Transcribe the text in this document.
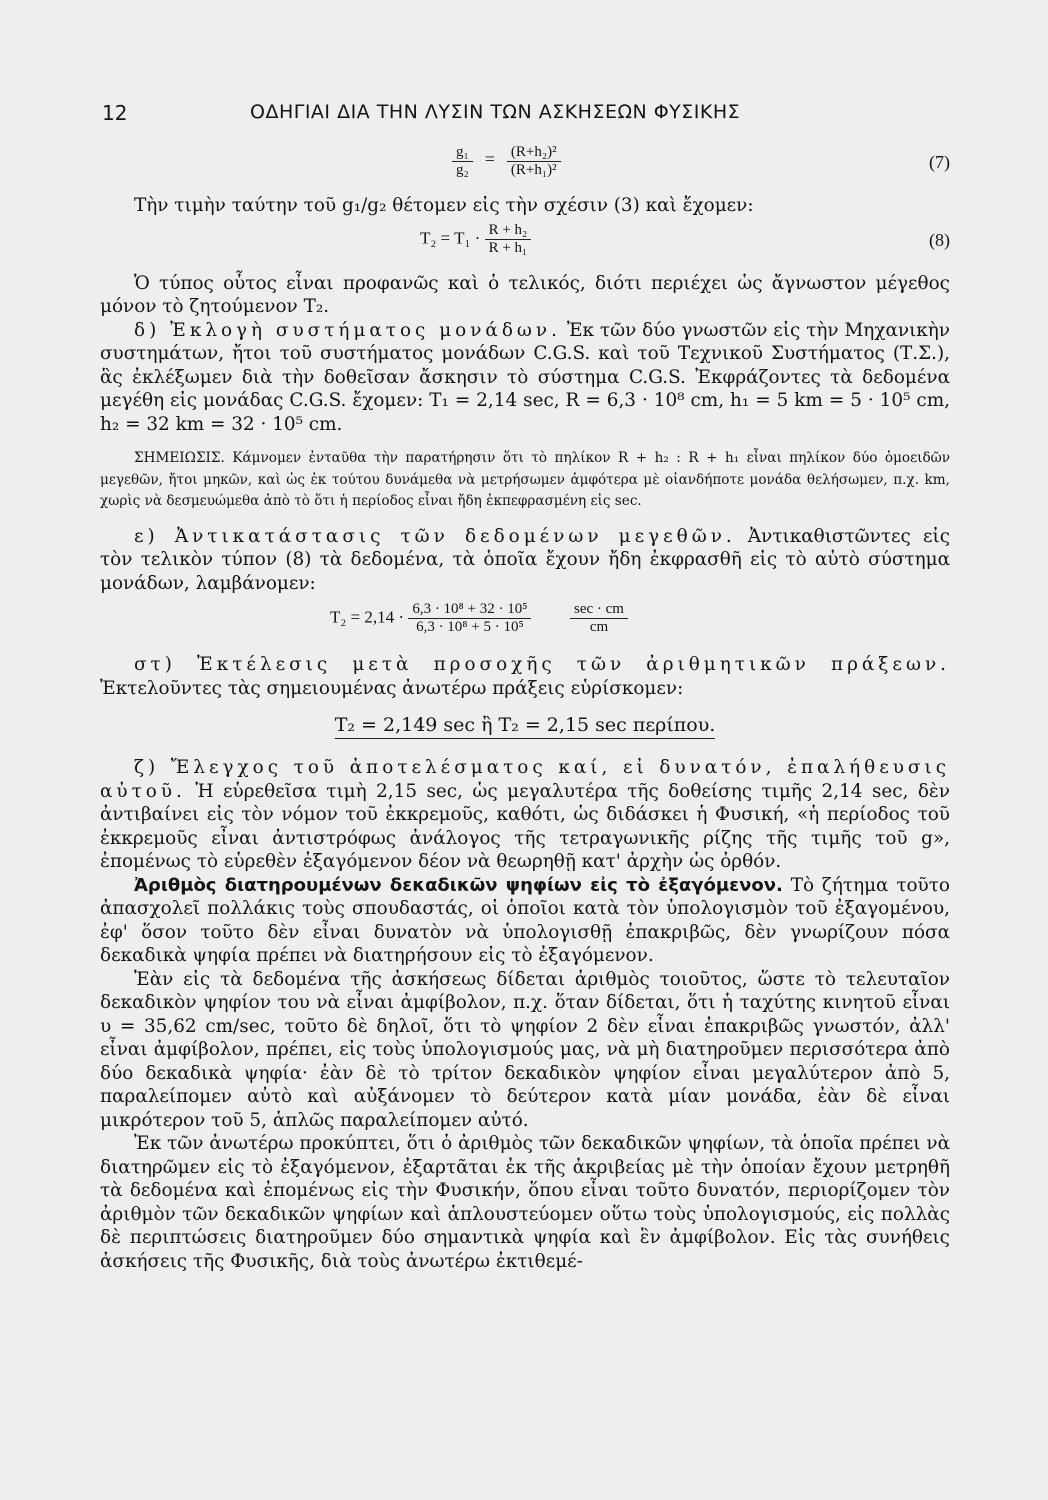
12	ΟΔΗΓΙΑΙ ΔΙΑ ΤΗΝ ΛΥΣΙΝ ΤΩΝ ΑΣΚΗΣΕΩΝ ΦΥΣΙΚΗΣ
$\frac{\text{g₁}}{\text{g₂}} = \frac{\text{(R+h₂)²}}{\text{(R+h₁)²}}$	(7)

Τὴν τιμὴν ταύτην τοῦ g₁/g₂ θέτομεν εἰς τὴν σχέσιν (3) καὶ ἔχομεν:

$T_2 = T_1 \cdot \frac{\text{R + h₂}}{\text{R + h₁}}$	(8)

Ὁ τύπος οὗτος εἶναι προφανῶς καὶ ὁ τελικός, διότι περιέχει ὡς ἄγνωστον μέγεθος μόνον τὸ ζητούμενον T₂.

δ) Ἐκλογὴ συστήματος μονάδων. Ἐκ τῶν δύο γνωστῶν εἰς τὴν Μηχανικὴν συστημάτων, ἤτοι τοῦ συστήματος μονάδων C.G.S. καὶ τοῦ Τεχνικοῦ Συστήματος (Τ.Σ.), ἃς ἐκλέξωμεν διὰ τὴν δοθεῖσαν ἄσκησιν τὸ σύστημα C.G.S. Ἐκφράζοντες τὰ δεδομένα μεγέθη εἰς μονάδας C.G.S. ἔχομεν: T₁ = 2,14 sec, R = 6,3 · 10⁸ cm, h₁ = 5 km = 5 · 10⁵ cm, h₂ = 32 km = 32 · 10⁵ cm.

ΣΗΜΕΙΩΣΙΣ. Κάμνομεν ἐνταῦθα τὴν παρατήρησιν ὅτι τὸ πηλίκον R + h₂ : R + h₁ εἶναι πηλίκον δύο ὁμοειδῶν μεγεθῶν, ἤτοι μηκῶν, καὶ ὡς ἐκ τούτου δυνάμεθα νὰ μετρήσωμεν ἀμφότερα μὲ οἱανδήποτε μονάδα θελήσωμεν, π.χ. km, χωρὶς νὰ δεσμευώμεθα ἀπὸ τὸ ὅτι ἡ περίοδος εἶναι ἤδη ἐκπεφρασμένη εἰς sec.

ε) Ἀντικατάστασις τῶν δεδομένων μεγεθῶν. Ἀντικαθιστῶντες εἰς τὸν τελικὸν τύπον (8) τὰ δεδομένα, τὰ ὁποῖα ἔχουν ἤδη ἐκφρασθῆ εἰς τὸ αὐτὸ σύστημα μονάδων, λαμβάνομεν:

$T_2 = 2,14 \cdot \frac{\text{6,3 · 10⁸ + 32 · 10⁵}}{\text{6,3 · 10⁸ + 5 · 10⁵}}$
	$\frac{\sec \cdot cm}{cm}$

στ) Ἐκτέλεσις μετὰ προσοχῆς τῶν ἀριθμητικῶν πράξεων. Ἐκτελοῦντες τὰς σημειουμένας ἀνωτέρω πράξεις εὑρίσκομεν:

T₂ = 2,149 sec ἢ T₂ = 2,15 sec περίπου.

ζ) Ἔλεγχος τοῦ ἀποτελέσματος καί, εἰ δυνατόν, ἐπαλήθευσις αὐτοῦ. Ἡ εὑρεθεῖσα τιμὴ 2,15 sec, ὡς μεγαλυτέρα τῆς δοθείσης τιμῆς 2,14 sec, δὲν ἀντιβαίνει εἰς τὸν νόμον τοῦ ἐκκρεμοῦς, καθότι, ὡς διδάσκει ἡ Φυσική, «ἡ περίοδος τοῦ ἐκκρεμοῦς εἶναι ἀντιστρόφως ἀνάλογος τῆς τετραγωνικῆς ρίζης τῆς τιμῆς τοῦ g», ἐπομένως τὸ εὑρεθὲν ἐξαγόμενον δέον νὰ θεωρηθῇ κατ' ἀρχὴν ὡς ὀρθόν.

Ἀριθμὸς διατηρουμένων δεκαδικῶν ψηφίων εἰς τὸ ἐξαγόμενον. Τὸ ζήτημα τοῦτο ἀπασχολεῖ πολλάκις τοὺς σπουδαστάς, οἱ ὁποῖοι κατὰ τὸν ὑπολογισμὸν τοῦ ἐξαγομένου, ἐφ' ὅσον τοῦτο δὲν εἶναι δυνατὸν νὰ ὑπολογισθῇ ἐπακριβῶς, δὲν γνωρίζουν πόσα δεκαδικὰ ψηφία πρέπει νὰ διατηρήσουν εἰς τὸ ἐξαγόμενον.

Ἐὰν εἰς τὰ δεδομένα τῆς ἀσκήσεως δίδεται ἀριθμὸς τοιοῦτος, ὥστε τὸ τελευταῖον δεκαδικὸν ψηφίον του νὰ εἶναι ἀμφίβολον, π.χ. ὅταν δίδεται, ὅτι ἡ ταχύτης κινητοῦ εἶναι υ = 35,62 cm/sec, τοῦτο δὲ δηλοῖ, ὅτι τὸ ψηφίον 2 δὲν εἶναι ἐπακριβῶς γνωστόν, ἀλλ' εἶναι ἀμφίβολον, πρέπει, εἰς τοὺς ὑπολογισμούς μας, νὰ μὴ διατηροῦμεν περισσότερα ἀπὸ δύο δεκαδικὰ ψηφία· ἐὰν δὲ τὸ τρίτον δεκαδικὸν ψηφίον εἶναι μεγαλύτερον ἀπὸ 5, παραλείπομεν αὐτὸ καὶ αὐξάνομεν τὸ δεύτερον κατὰ μίαν μονάδα, ἐὰν δὲ εἶναι μικρότερον τοῦ 5, ἁπλῶς παραλείπομεν αὐτό.

Ἐκ τῶν ἀνωτέρω προκύπτει, ὅτι ὁ ἀριθμὸς τῶν δεκαδικῶν ψηφίων, τὰ ὁποῖα πρέπει νὰ διατηρῶμεν εἰς τὸ ἐξαγόμενον, ἐξαρτᾶται ἐκ τῆς ἀκριβείας μὲ τὴν ὁποίαν ἔχουν μετρηθῆ τὰ δεδομένα καὶ ἐπομένως εἰς τὴν Φυσικήν, ὅπου εἶναι τοῦτο δυνατόν, περιορίζομεν τὸν ἀριθμὸν τῶν δεκαδικῶν ψηφίων καὶ ἁπλουστεύομεν οὕτω τοὺς ὑπολογισμούς, εἰς πολλὰς δὲ περιπτώσεις διατηροῦμεν δύο σημαντικὰ ψηφία καὶ ἓν ἀμφίβολον. Εἰς τὰς συνήθεις ἀσκήσεις τῆς Φυσικῆς, διὰ τοὺς ἀνωτέρω ἐκτιθεμέ-
